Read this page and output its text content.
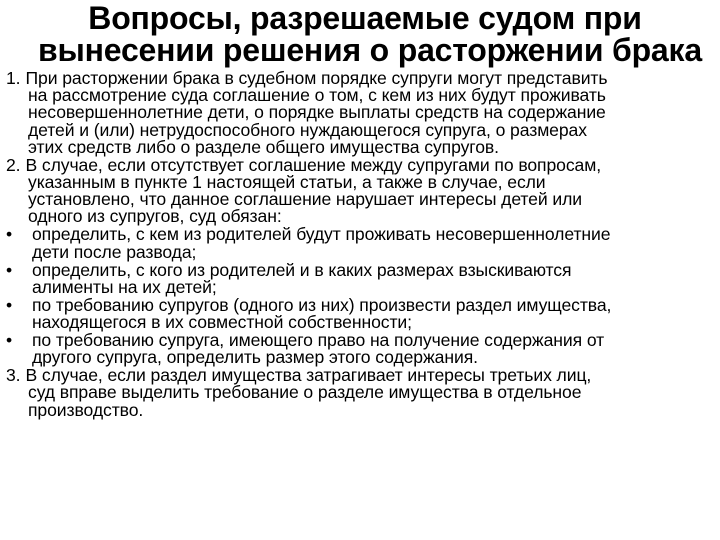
Вопросы, разрешаемые судом при
вынесении решения о расторжении брака
1. При расторжении брака в судебном порядке супруги могут представить
на рассмотрение суда соглашение о том, с кем из них будут проживать
несовершеннолетние дети, о порядке выплаты средств на содержание
детей и (или) нетрудоспособного нуждающегося супруга, о размерах
этих средств либо о разделе общего имущества супругов.
2. В случае, если отсутствует соглашение между супругами по вопросам,
указанным в пункте 1 настоящей статьи, а также в случае, если
установлено, что данное соглашение нарушает интересы детей или
одного из супругов, суд обязан:
•	определить, с кем из родителей будут проживать несовершеннолетние
дети после развода;
•	определить, с кого из родителей и в каких размерах взыскиваются
алименты на их детей;
•	по требованию супругов (одного из них) произвести раздел имущества,
находящегося в их совместной собственности;
•	по требованию супруга, имеющего право на получение содержания от
другого супруга, определить размер этого содержания.
3. В случае, если раздел имущества затрагивает интересы третьих лиц,
суд вправе выделить требование о разделе имущества в отдельное
производство.
